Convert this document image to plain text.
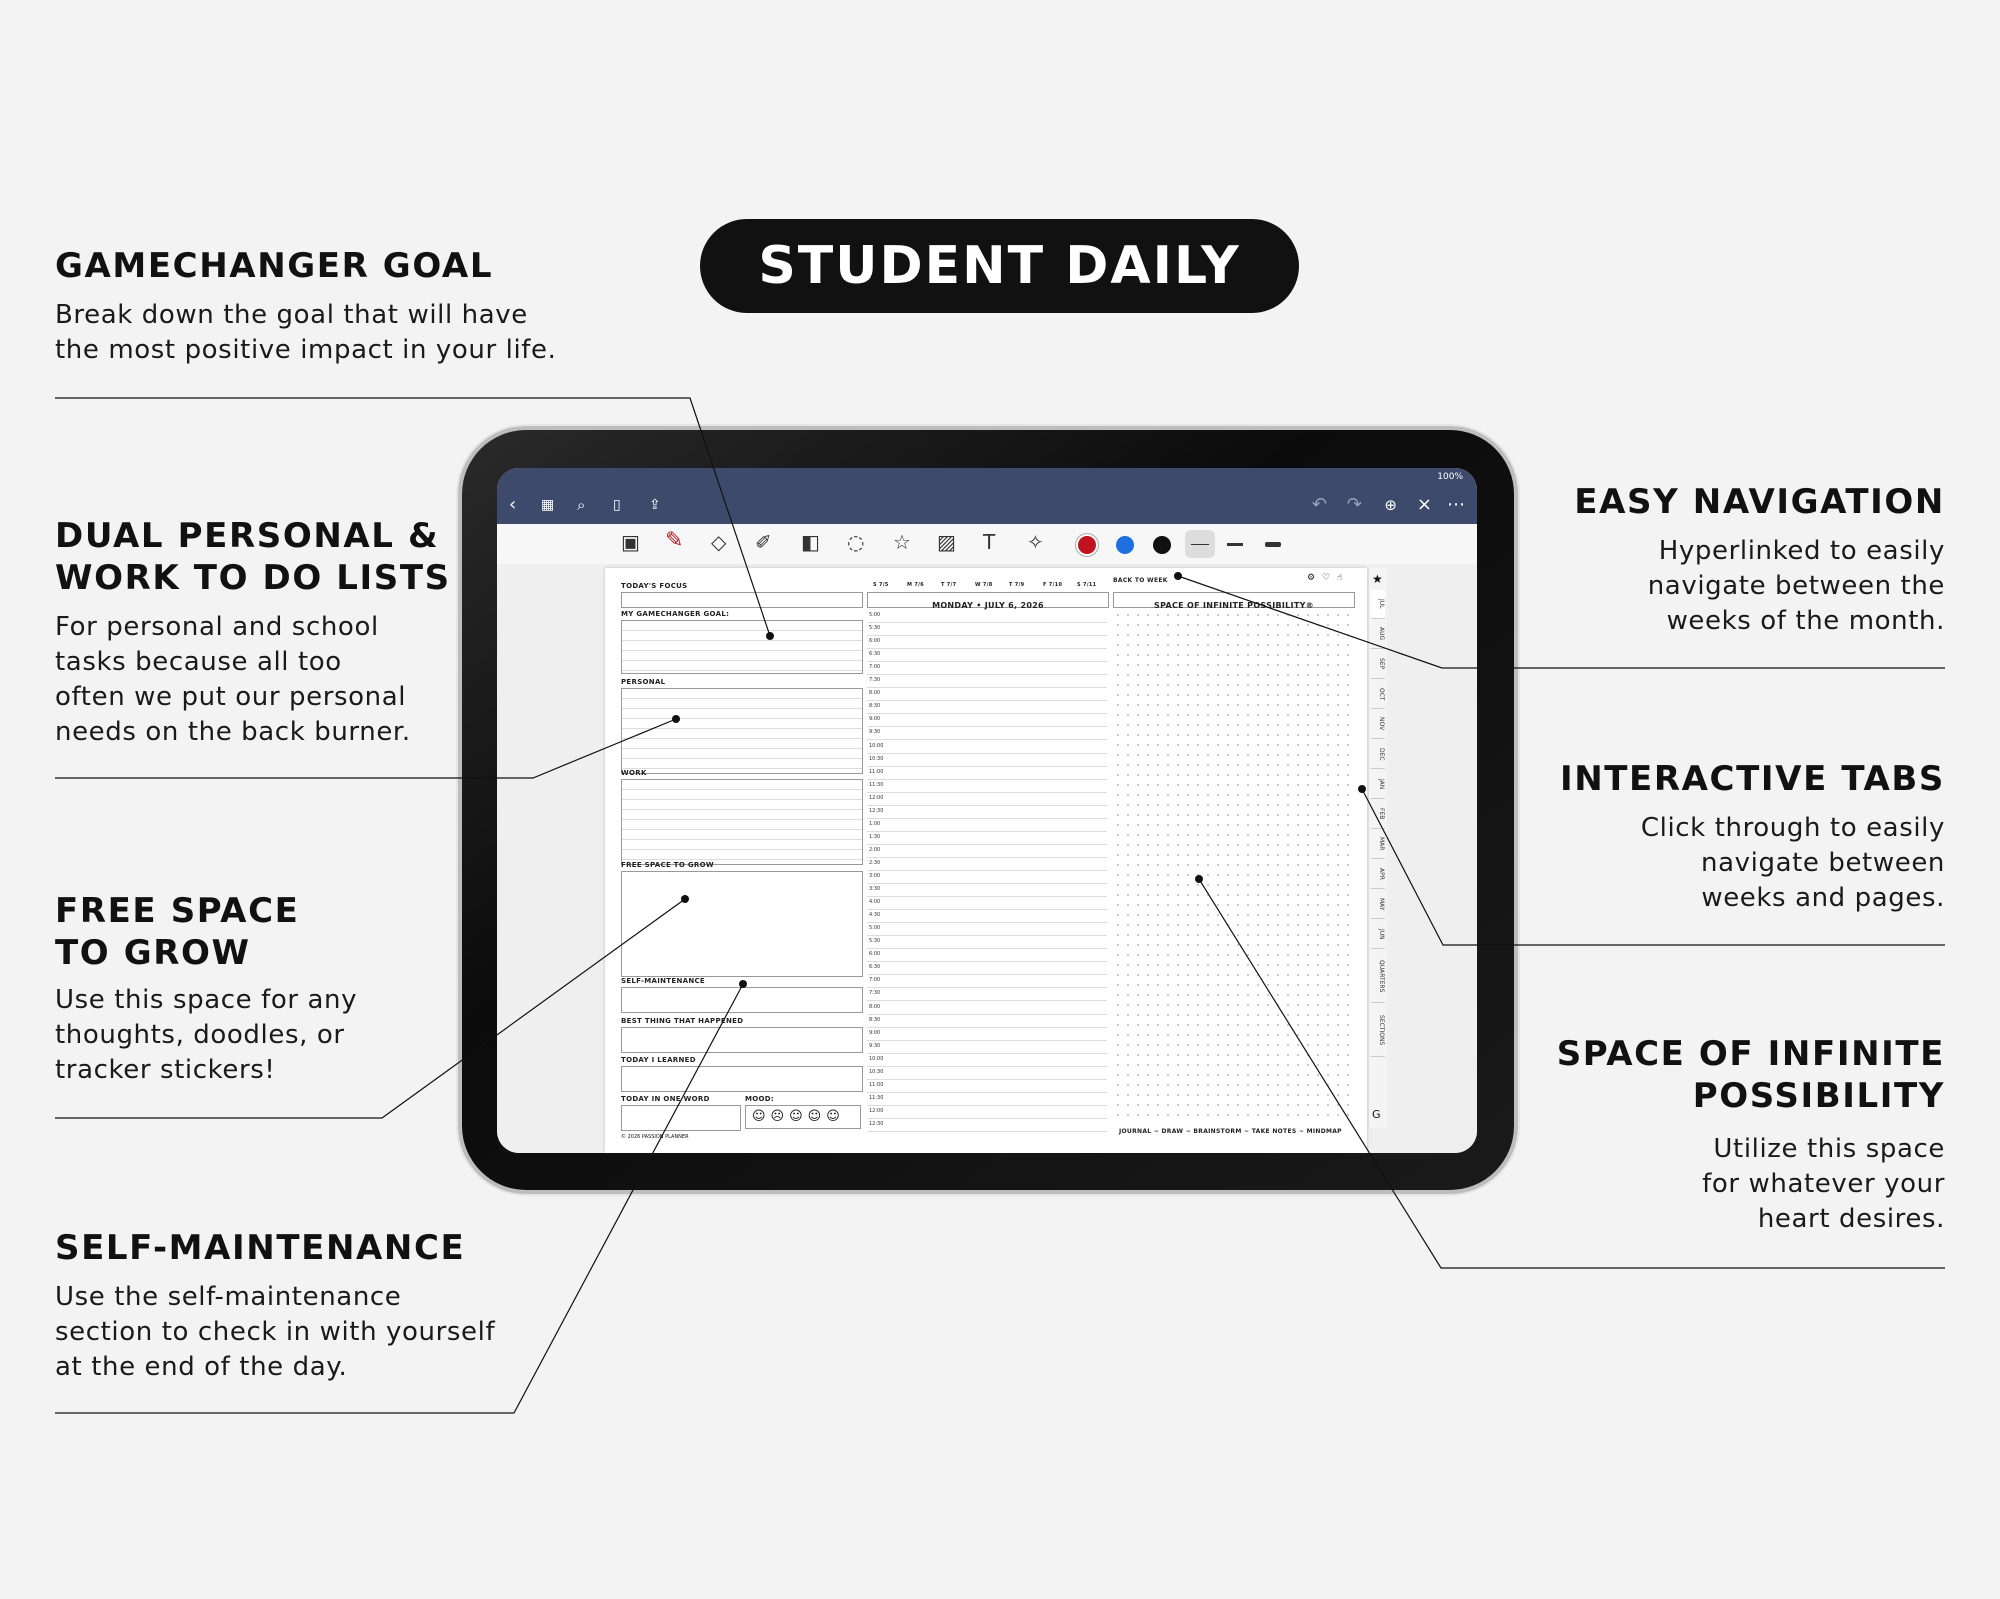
STUDENT DAILY
GAMECHANGER GOAL
Break down the goal that will have
the most positive impact in your life.
DUAL PERSONAL &
WORK TO DO LISTS
For personal and school
tasks because all too
often we put our personal
needs on the back burner.
FREE SPACE
TO GROW
Use this space for any
thoughts, doodles, or
tracker stickers!
SELF-MAINTENANCE
Use the self-maintenance
section to check in with yourself
at the end of the day.
EASY NAVIGATION
Hyperlinked to easily
navigate between the
weeks of the month.
INTERACTIVE TABS
Click through to easily
navigate between
weeks and pages.
SPACE OF INFINITE
POSSIBILITY
Utilize this space
for whatever your
heart desires.
100%
‹ ▦ ⌕ ▯ ⇪	↶ ↷ ⊕ × ⋯
▣ ✎ ◇ ✐ ◧ ◌ ☆ ▨ T ✧
TODAY'S FOCUS
MY GAMECHANGER GOAL:
PERSONAL
WORK
FREE SPACE TO GROW
SELF-MAINTENANCE
BEST THING THAT HAPPENED
TODAY I LEARNED
TODAY IN ONE WORD	MOOD:
☺☹☺☺☺
© 2026 PASSION PLANNER
S 7/5	M 7/6	T 7/7	W 7/8	T 7/9	F 7/10	S 7/11
MONDAY • JULY 6, 2026
5:00
5:30
6:00
6:30
7:00
7:30
8:00
8:30
9:00
9:30
10:00
10:30
11:00
11:30
12:00
12:30
1:00
1:30
2:00
2:30
3:00
3:30
4:00
4:30
5:00
5:30
6:00
6:30
7:00
7:30
8:00
8:30
9:00
9:30
10:00
10:30
11:00
11:30
12:00
12:30
BACK TO WEEK	⚙ ♡ ☝
SPACE OF INFINITE POSSIBILITY®
JOURNAL ~ DRAW ~ BRAINSTORM ~ TAKE NOTES ~ MINDMAP
★
JUL
AUG
SEP
OCT
NOV
DEC
JAN
FEB
MAR
APR
MAY
JUN
QUARTERS
SECTIONS
G
